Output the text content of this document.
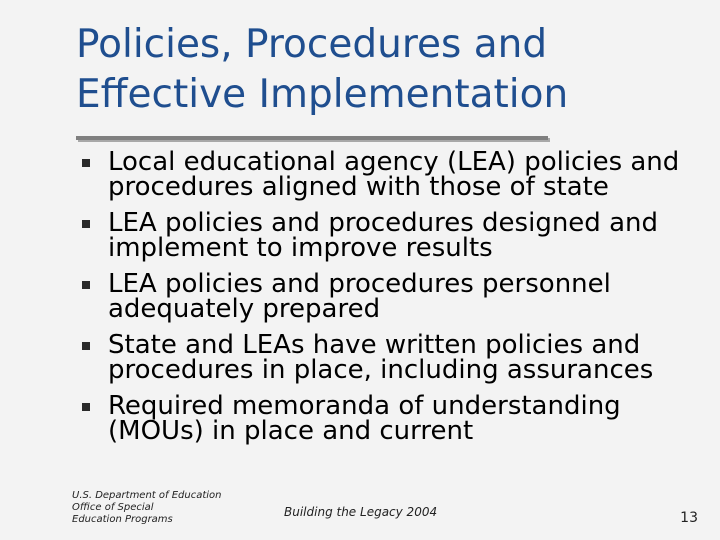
Policies, Procedures and
Effective Implementation
Local educational agency (LEA) policies and procedures aligned with those of state
LEA policies and procedures designed and implement to improve results
LEA policies and procedures personnel adequately prepared
State and LEAs have written policies and procedures in place, including assurances
Required memoranda of understanding (MOUs) in place and current
U.S. Department of Education
Office of Special
Education Programs
Building the Legacy 2004	13
